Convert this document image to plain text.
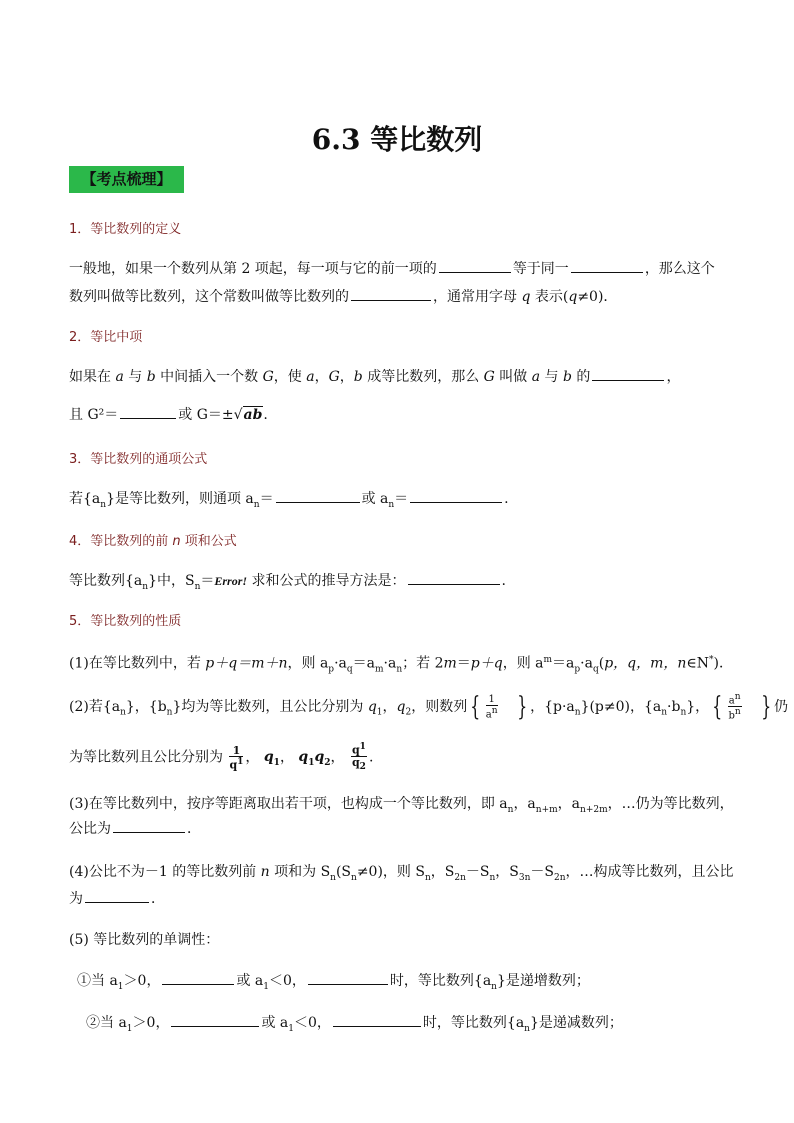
6.3 等比数列
【考点梳理】
1．等比数列的定义
一般地，如果一个数列从第 2 项起，每一项与它的前一项的	等于同一	，那么这个
数列叫做等比数列，这个常数叫做等比数列的	，通常用字母 q 表示(q≠0)．
2．等比中项
如果在 a 与 b 中间插入一个数 G，使 a，G，b 成等比数列，那么 G 叫做 a 与 b 的	，
且 G²＝	或 G＝±√ab.
3．等比数列的通项公式
若$\{a_n\}$是等比数列，则通项 $a_n=$	或 $a_n=$	.
4．等比数列的前 n 项和公式
等比数列$\{a_n\}$中，$S_n=Error$! 求和公式的推导方法是：	.
5．等比数列的性质
(1)在等比数列中，若 p＋q＝m＋n，则 $a_p\cdot a_q=a_m\cdot a_n$；若 2m＝p＋q，则 $a^m=a_p\cdot a_q(p$，q，m，n∈N*)．
(2)若$\{a_n\}$，$\{b_n\}$均为等比数列，且公比分别为 $q_1$，$q_2$，则数列 { $\frac{1}{a^n}$ } ，$\{p\cdot a_n\}(p\ne 0)$，$\{a_n\cdot b_n\}$， { $\frac{a^n}{b^n}$ } 仍
为等比数列且公比分别为 $\frac{1}{q^1}$ ， $q_1$， $q_1q_2$， $\frac{q^1}{q_2}$ .
(3)在等比数列中，按序等距离取出若干项，也构成一个等比数列，即 $a_n$，$a_{n+m}$，$a_{n+2m}$，…仍为等比数列，
公比为	．
(4)公比不为－1 的等比数列前 n 项和为 $S_n(S_n\ne 0)$，则 $S_n$，$S_{2n}-S_n$，$S_{3n}-S_{2n}$，…构成等比数列，且公比
为	．
(5) 等比数列的单调性：
①当 $a_1>0$，	或 $a_1<0$，	时，等比数列$\{a_n\}$是递增数列；
②当 $a_1>0$，	或 $a_1<0$，	时，等比数列$\{a_n\}$是递减数列；
